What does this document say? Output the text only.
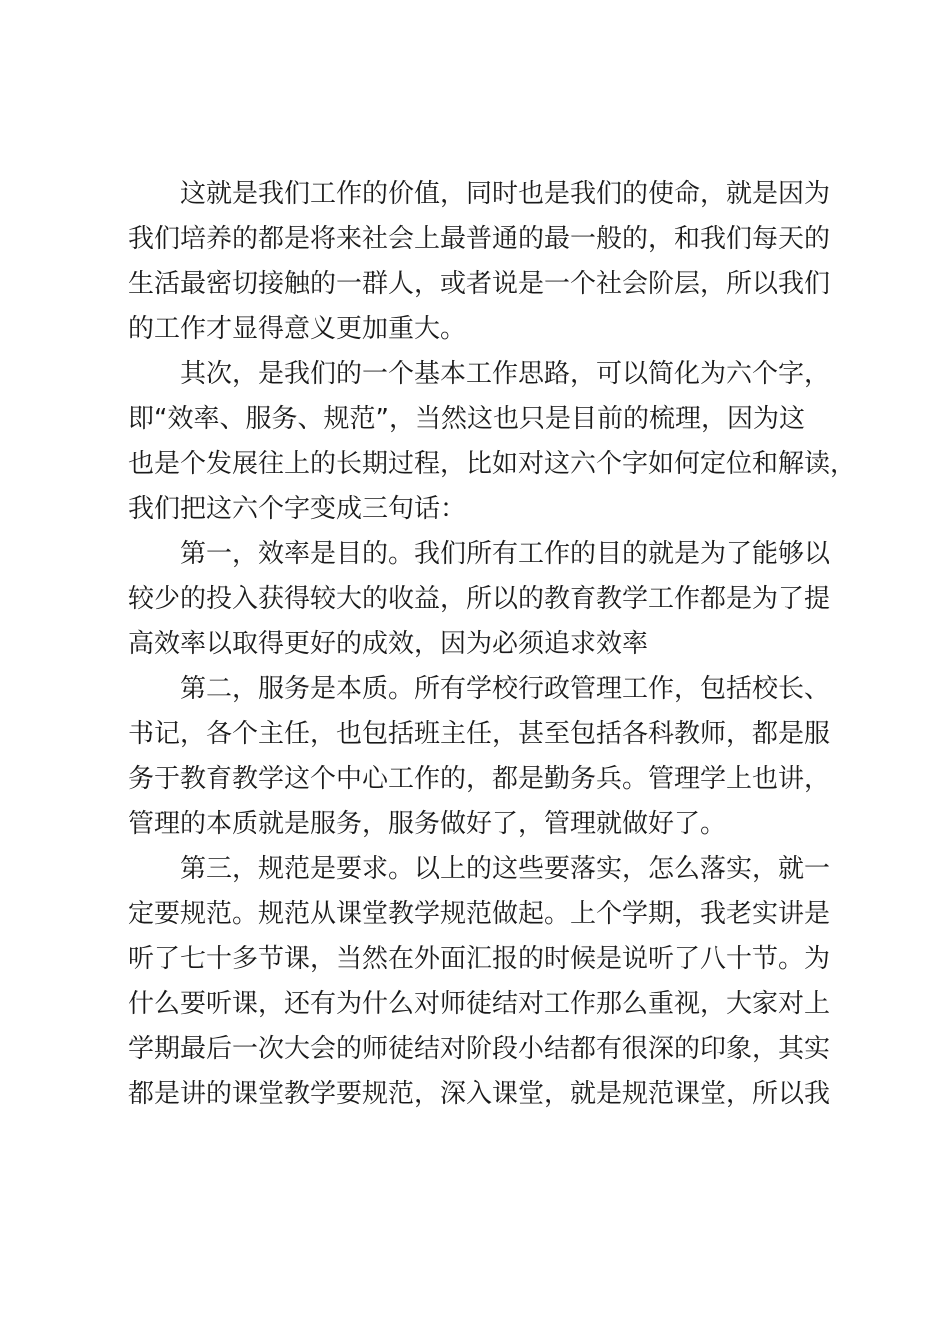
这就是我们工作的价值，同时也是我们的使命，就是因为
我们培养的都是将来社会上最普通的最一般的，和我们每天的
生活最密切接触的一群人，或者说是一个社会阶层，所以我们
的工作才显得意义更加重大。

其次，是我们的一个基本工作思路，可以简化为六个字，
即“效率、服务、规范”，当然这也只是目前的梳理，因为这
也是个发展往上的长期过程，比如对这六个字如何定位和解读，
我们把这六个字变成三句话：

第一，效率是目的。我们所有工作的目的就是为了能够以
较少的投入获得较大的收益，所以的教育教学工作都是为了提
高效率以取得更好的成效，因为必须追求效率

第二，服务是本质。所有学校行政管理工作，包括校长、
书记，各个主任，也包括班主任，甚至包括各科教师，都是服
务于教育教学这个中心工作的，都是勤务兵。管理学上也讲，
管理的本质就是服务，服务做好了，管理就做好了。

第三，规范是要求。以上的这些要落实，怎么落实，就一
定要规范。规范从课堂教学规范做起。上个学期，我老实讲是
听了七十多节课，当然在外面汇报的时候是说听了八十节。为
什么要听课，还有为什么对师徒结对工作那么重视，大家对上
学期最后一次大会的师徒结对阶段小结都有很深的印象，其实
都是讲的课堂教学要规范，深入课堂，就是规范课堂，所以我
